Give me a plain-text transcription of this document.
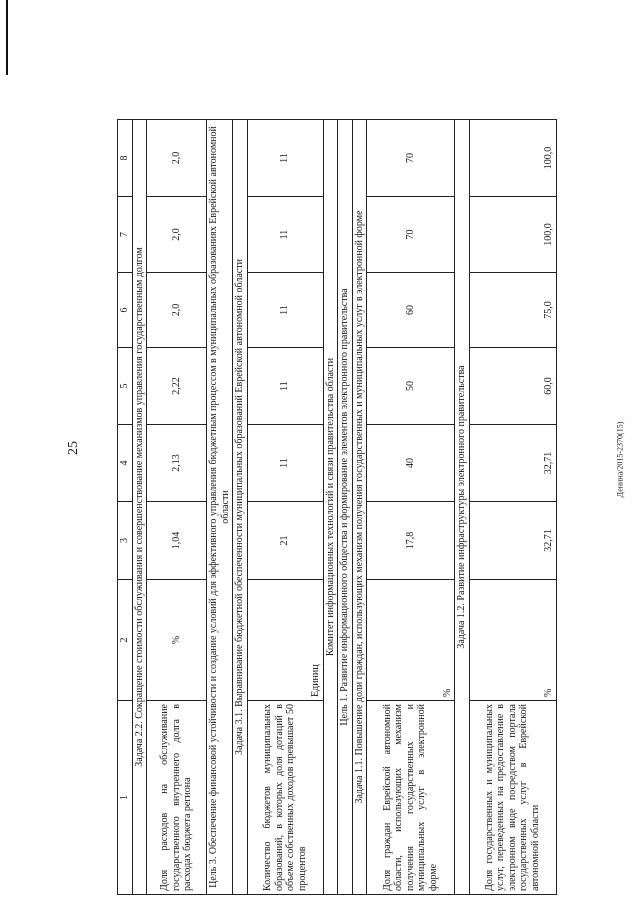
25	Денина/2015-2370(15)
1	2	3	4	5	6	7	8
Задача 2.2. Сокращение стоимости обслуживания и совершенствование механизмов управления государственным долгом							
Доля расходов на обслуживание государственного внутреннего долга в расходах бюджета региона	%	1,04	2,13	2,22	2,0	2,0	2,0
Цель 3. Обеспечение финансовой устойчивости и создание условий для эффективного управления бюджетным процессом в муниципальных образованиях Еврейской автономной области							
Задача 3.1. Выравнивание бюджетной обеспеченности муниципальных образований Еврейской автономной области							
Количество бюджетов муниципальных образований, в которых доля дотаций в объеме собственных доходов превышает 50 процентов	Единиц	21	11	11	11	11	11
Комитет информационных технологий и связи правительства области							
Цель 1. Развитие информационного общества и формирование элементов электронного правительства							
Задача 1.1. Повышение доли граждан, использующих механизм получения государственных и муниципальных услуг в электронной форме							
Доля граждан Еврейской автономной области, использующих механизм получения государственных и муниципальных услуг в электронной форме	%	17,8	40	50	60	70	70
Задача 1.2. Развитие инфраструктуры электронного правительства							
Доля государственных и муниципальных услуг, переведенных на предоставление в электронном виде посредством портала государственных услуг в Еврейской автономной области	%	32,71	32,71	60,0	75,0	100,0	100,0
